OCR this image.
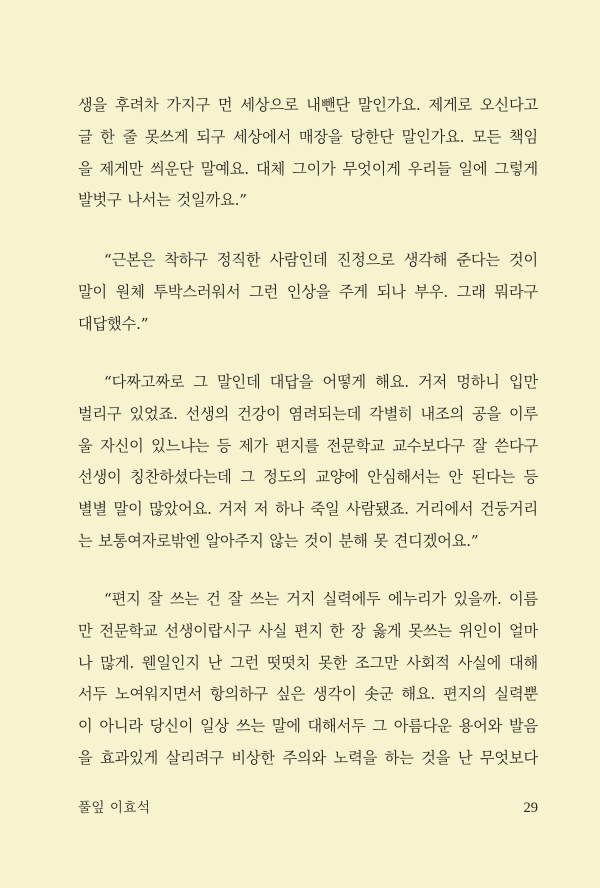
생을 후려차 가지구 먼 세상으로 내뺀단 말인가요. 제게로 오신다고
글 한 줄 못쓰게 되구 세상에서 매장을 당한단 말인가요. 모든 책임
을 제게만 씌운단 말예요. 대체 그이가 무엇이게 우리들 일에 그렇게
발벗구 나서는 것일까요.”
“근본은 착하구 정직한 사람인데 진정으로 생각해 준다는 것이
말이 원체 투박스러워서 그런 인상을 주게 되나 부우. 그래 뭐라구
대답했수.”
“다짜고짜로 그 말인데 대답을 어떻게 해요. 거저 멍하니 입만
벌리구 있었죠. 선생의 건강이 염려되는데 각별히 내조의 공을 이루
울 자신이 있느냐는 등 제가 편지를 전문학교 교수보다구 잘 쓴다구
선생이 칭찬하셨다는데 그 정도의 교양에 안심해서는 안 된다는 등
별별 말이 많았어요. 거저 저 하나 죽일 사람됐죠. 거리에서 건둥거리
는 보통여자로밖엔 알아주지 않는 것이 분해 못 견디겠어요.”
“편지 잘 쓰는 건 잘 쓰는 거지 실력에두 에누리가 있을까. 이름
만 전문학교 선생이랍시구 사실 편지 한 장 옳게 못쓰는 위인이 얼마
나 많게. 웬일인지 난 그런 떳떳치 못한 조그만 사회적 사실에 대해
서두 노여워지면서 항의하구 싶은 생각이 솟군 해요. 편지의 실력뿐
이 아니라 당신이 일상 쓰는 말에 대해서두 그 아름다운 용어와 발음
을 효과있게 살리려구 비상한 주의와 노력을 하는 것을 난 무엇보다
풀잎 이효석	29
